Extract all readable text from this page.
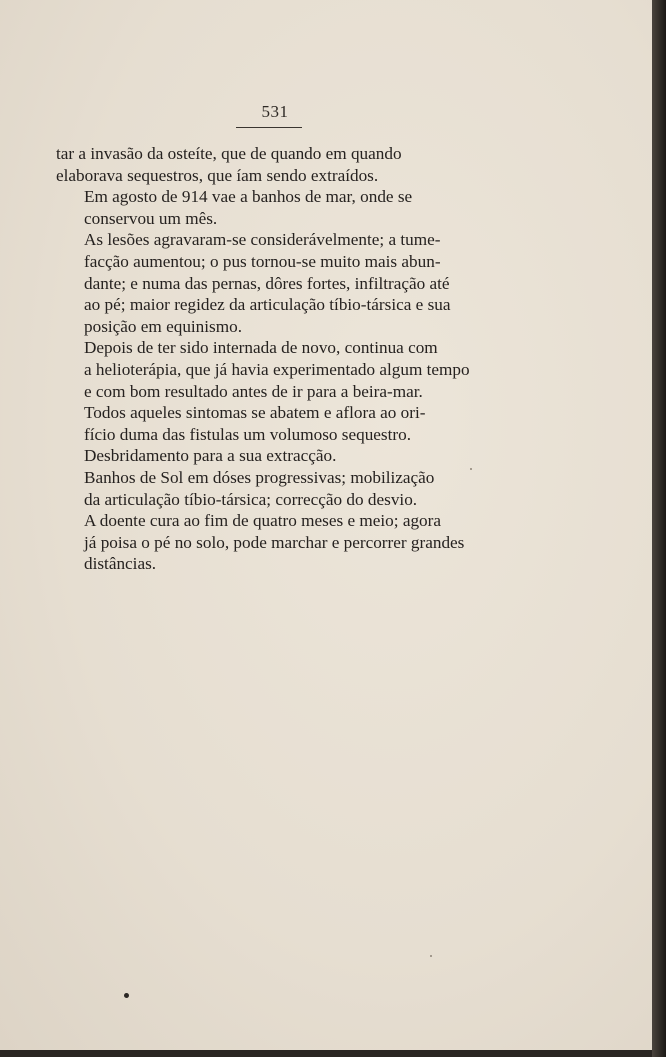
531

tar a invasão da osteíte, que de quando em quando
elaborava sequestros, que íam sendo extraídos.

Em agosto de 914 vae a banhos de mar, onde se
conservou um mês.

As lesões agravaram-se considerávelmente; a tume-
facção aumentou; o pus tornou-se muito mais abun-
dante; e numa das pernas, dôres fortes, infiltração até
ao pé; maior regidez da articulação tíbio-társica e sua
posição em equinismo.

Depois de ter sido internada de novo, continua com
a helioterápia, que já havia experimentado algum tempo
e com bom resultado antes de ir para a beira-mar.

Todos aqueles sintomas se abatem e aflora ao ori-
fício duma das fistulas um volumoso sequestro.

Desbridamento para a sua extracção.

Banhos de Sol em dóses progressivas; mobilização
da articulação tíbio-társica; correcção do desvio.

A doente cura ao fim de quatro meses e meio; agora
já poisa o pé no solo, pode marchar e percorrer grandes
distâncias.
